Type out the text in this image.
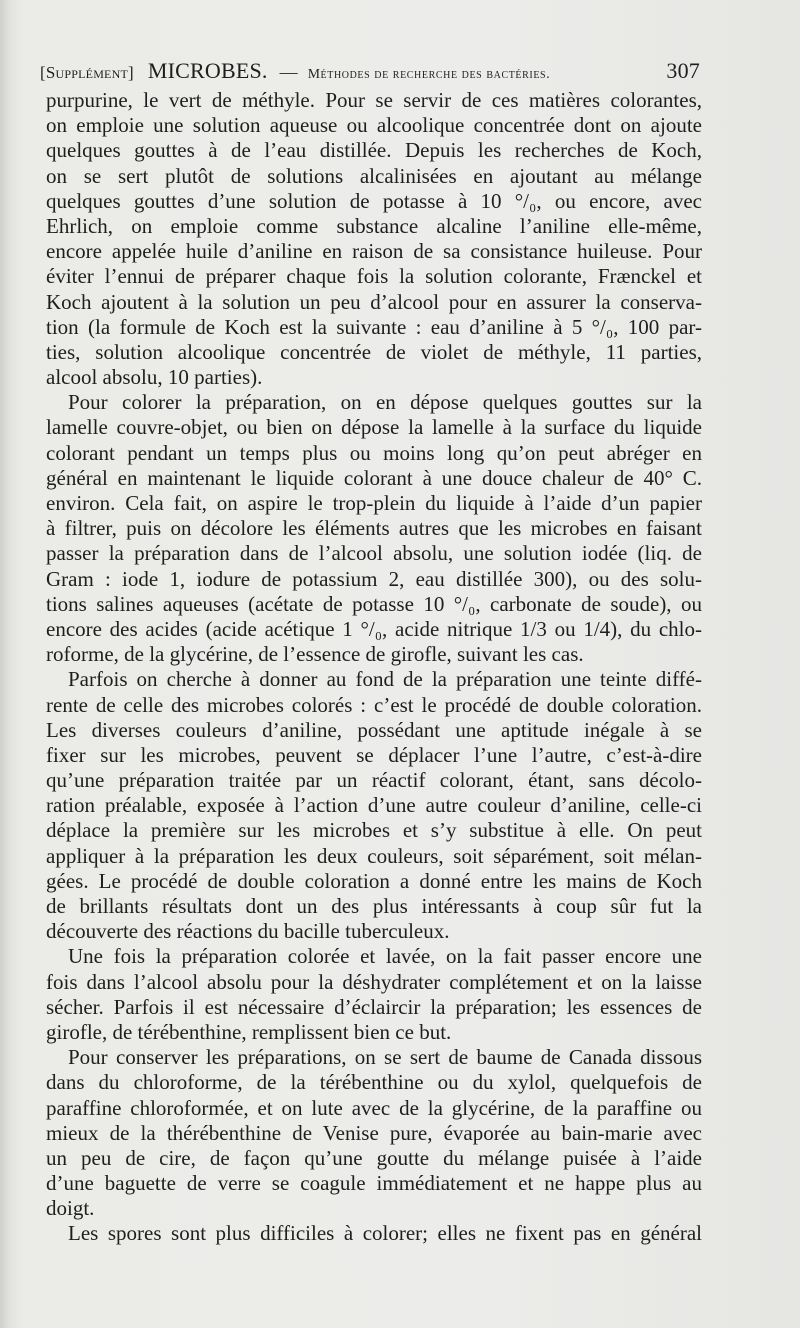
[Supplément] MICROBES. — Méthodes de recherche des bactéries.	307
purpurine, le vert de méthyle. Pour se servir de ces matières colorantes,
on emploie une solution aqueuse ou alcoolique concentrée dont on ajoute
quelques gouttes à de l’eau distillée. Depuis les recherches de Koch,
on se sert plutôt de solutions alcalinisées en ajoutant au mélange
quelques gouttes d’une solution de potasse à 10 °/₀, ou encore, avec
Ehrlich, on emploie comme substance alcaline l’aniline elle-même,
encore appelée huile d’aniline en raison de sa consistance huileuse. Pour
éviter l’ennui de préparer chaque fois la solution colorante, Frænckel et
Koch ajoutent à la solution un peu d’alcool pour en assurer la conserva-
tion (la formule de Koch est la suivante : eau d’aniline à 5 °/₀, 100 par-
ties, solution alcoolique concentrée de violet de méthyle, 11 parties,
alcool absolu, 10 parties).
Pour colorer la préparation, on en dépose quelques gouttes sur la
lamelle couvre-objet, ou bien on dépose la lamelle à la surface du liquide
colorant pendant un temps plus ou moins long qu’on peut abréger en
général en maintenant le liquide colorant à une douce chaleur de 40° C.
environ. Cela fait, on aspire le trop-plein du liquide à l’aide d’un papier
à filtrer, puis on décolore les éléments autres que les microbes en faisant
passer la préparation dans de l’alcool absolu, une solution iodée (liq. de
Gram : iode 1, iodure de potassium 2, eau distillée 300), ou des solu-
tions salines aqueuses (acétate de potasse 10 °/₀, carbonate de soude), ou
encore des acides (acide acétique 1 °/₀, acide nitrique 1/3 ou 1/4), du chlo-
roforme, de la glycérine, de l’essence de girofle, suivant les cas.
Parfois on cherche à donner au fond de la préparation une teinte diffé-
rente de celle des microbes colorés : c’est le procédé de double coloration.
Les diverses couleurs d’aniline, possédant une aptitude inégale à se
fixer sur les microbes, peuvent se déplacer l’une l’autre, c’est-à-dire
qu’une préparation traitée par un réactif colorant, étant, sans décolo-
ration préalable, exposée à l’action d’une autre couleur d’aniline, celle-ci
déplace la première sur les microbes et s’y substitue à elle. On peut
appliquer à la préparation les deux couleurs, soit séparément, soit mélan-
gées. Le procédé de double coloration a donné entre les mains de Koch
de brillants résultats dont un des plus intéressants à coup sûr fut la
découverte des réactions du bacille tuberculeux.
Une fois la préparation colorée et lavée, on la fait passer encore une
fois dans l’alcool absolu pour la déshydrater complétement et on la laisse
sécher. Parfois il est nécessaire d’éclaircir la préparation; les essences de
girofle, de térébenthine, remplissent bien ce but.
Pour conserver les préparations, on se sert de baume de Canada dissous
dans du chloroforme, de la térébenthine ou du xylol, quelquefois de
paraffine chloroformée, et on lute avec de la glycérine, de la paraffine ou
mieux de la thérébenthine de Venise pure, évaporée au bain-marie avec
un peu de cire, de façon qu’une goutte du mélange puisée à l’aide
d’une baguette de verre se coagule immédiatement et ne happe plus au
doigt.
Les spores sont plus difficiles à colorer; elles ne fixent pas en général
